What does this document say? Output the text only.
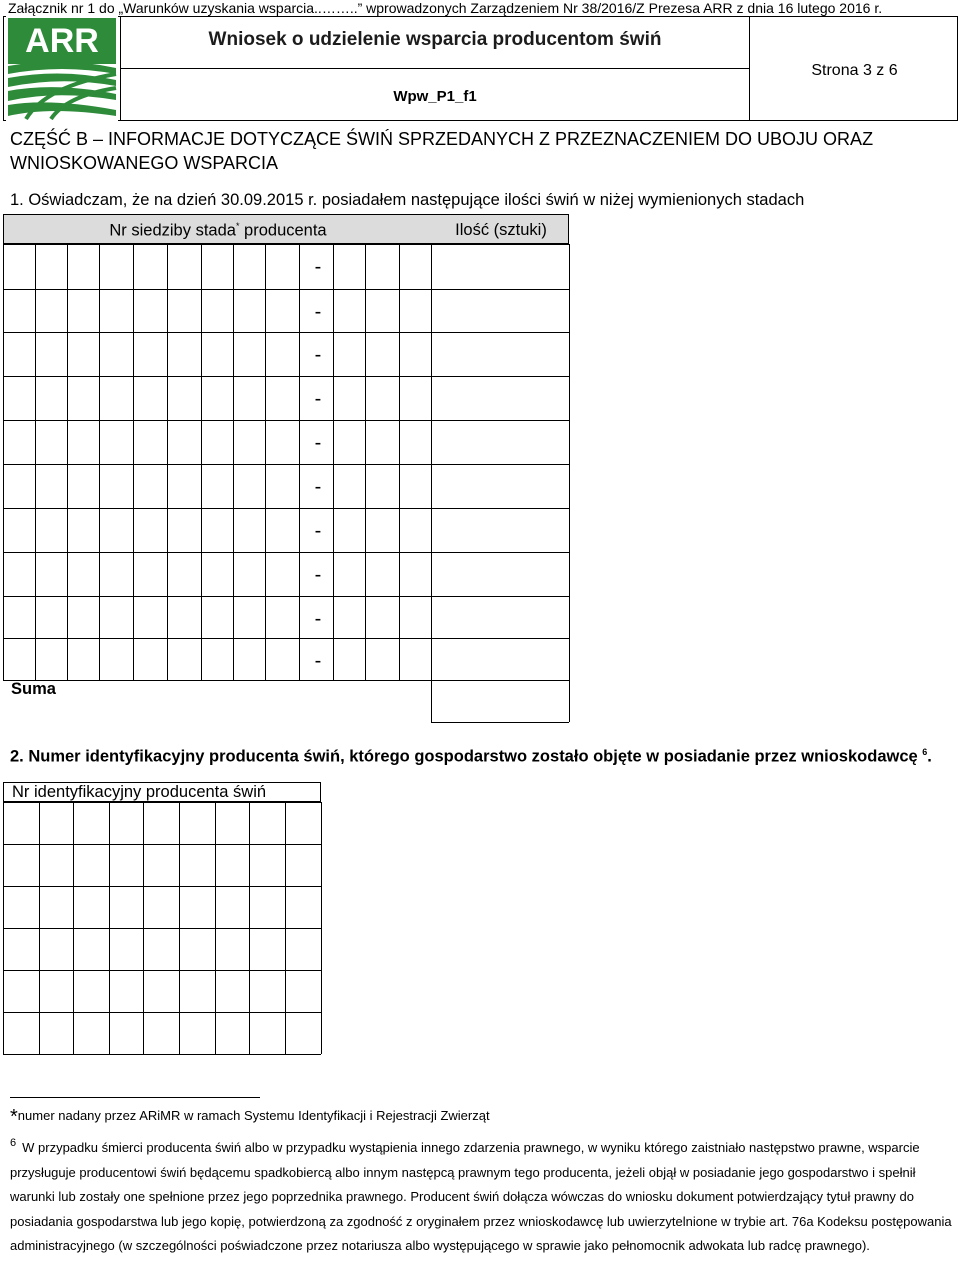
Załącznik nr 1 do „Warunków uzyskania wsparcia..……..” wprowadzonych Zarządzeniem Nr 38/2016/Z Prezesa ARR z dnia 16 lutego 2016 r.
ARR	Wniosek o udzielenie wsparcia producentom świń
Wpw_P1_f1
Strona 3 z 6
CZĘŚĆ B – INFORMACJE DOTYCZĄCE ŚWIŃ SPRZEDANYCH Z PRZEZNACZENIEM DO UBOJU ORAZ WNIOSKOWANEGO WSPARCIA
1. Oświadczam, że na dzień 30.09.2015 r. posiadałem następujące ilości świń w niżej wymienionych stadach
Nr siedziby stada* producenta	Ilość (sztuki)
-
-
-
-
-
-
-
-
-
-
Suma
2. Numer identyfikacyjny producenta świń, którego gospodarstwo zostało objęte w posiadanie przez wnioskodawcę $^6$.
Nr identyfikacyjny producenta świń
*numer nadany przez ARiMR w ramach Systemu Identyfikacji i Rejestracji Zwierząt
$^6$ W przypadku śmierci producenta świń albo w przypadku wystąpienia innego zdarzenia prawnego, w wyniku którego zaistniało następstwo prawne, wsparcie przysługuje producentowi świń będącemu spadkobiercą albo innym następcą prawnym tego producenta, jeżeli objął w posiadanie jego gospodarstwo i spełnił warunki lub zostały one spełnione przez jego poprzednika prawnego. Producent świń dołącza wówczas do wniosku dokument potwierdzający tytuł prawny do posiadania gospodarstwa lub jego kopię, potwierdzoną za zgodność z oryginałem przez wnioskodawcę lub uwierzytelnione w trybie art. 76a Kodeksu postępowania administracyjnego (w szczególności poświadczone przez notariusza albo występującego w sprawie jako pełnomocnik adwokata lub radcę prawnego).
